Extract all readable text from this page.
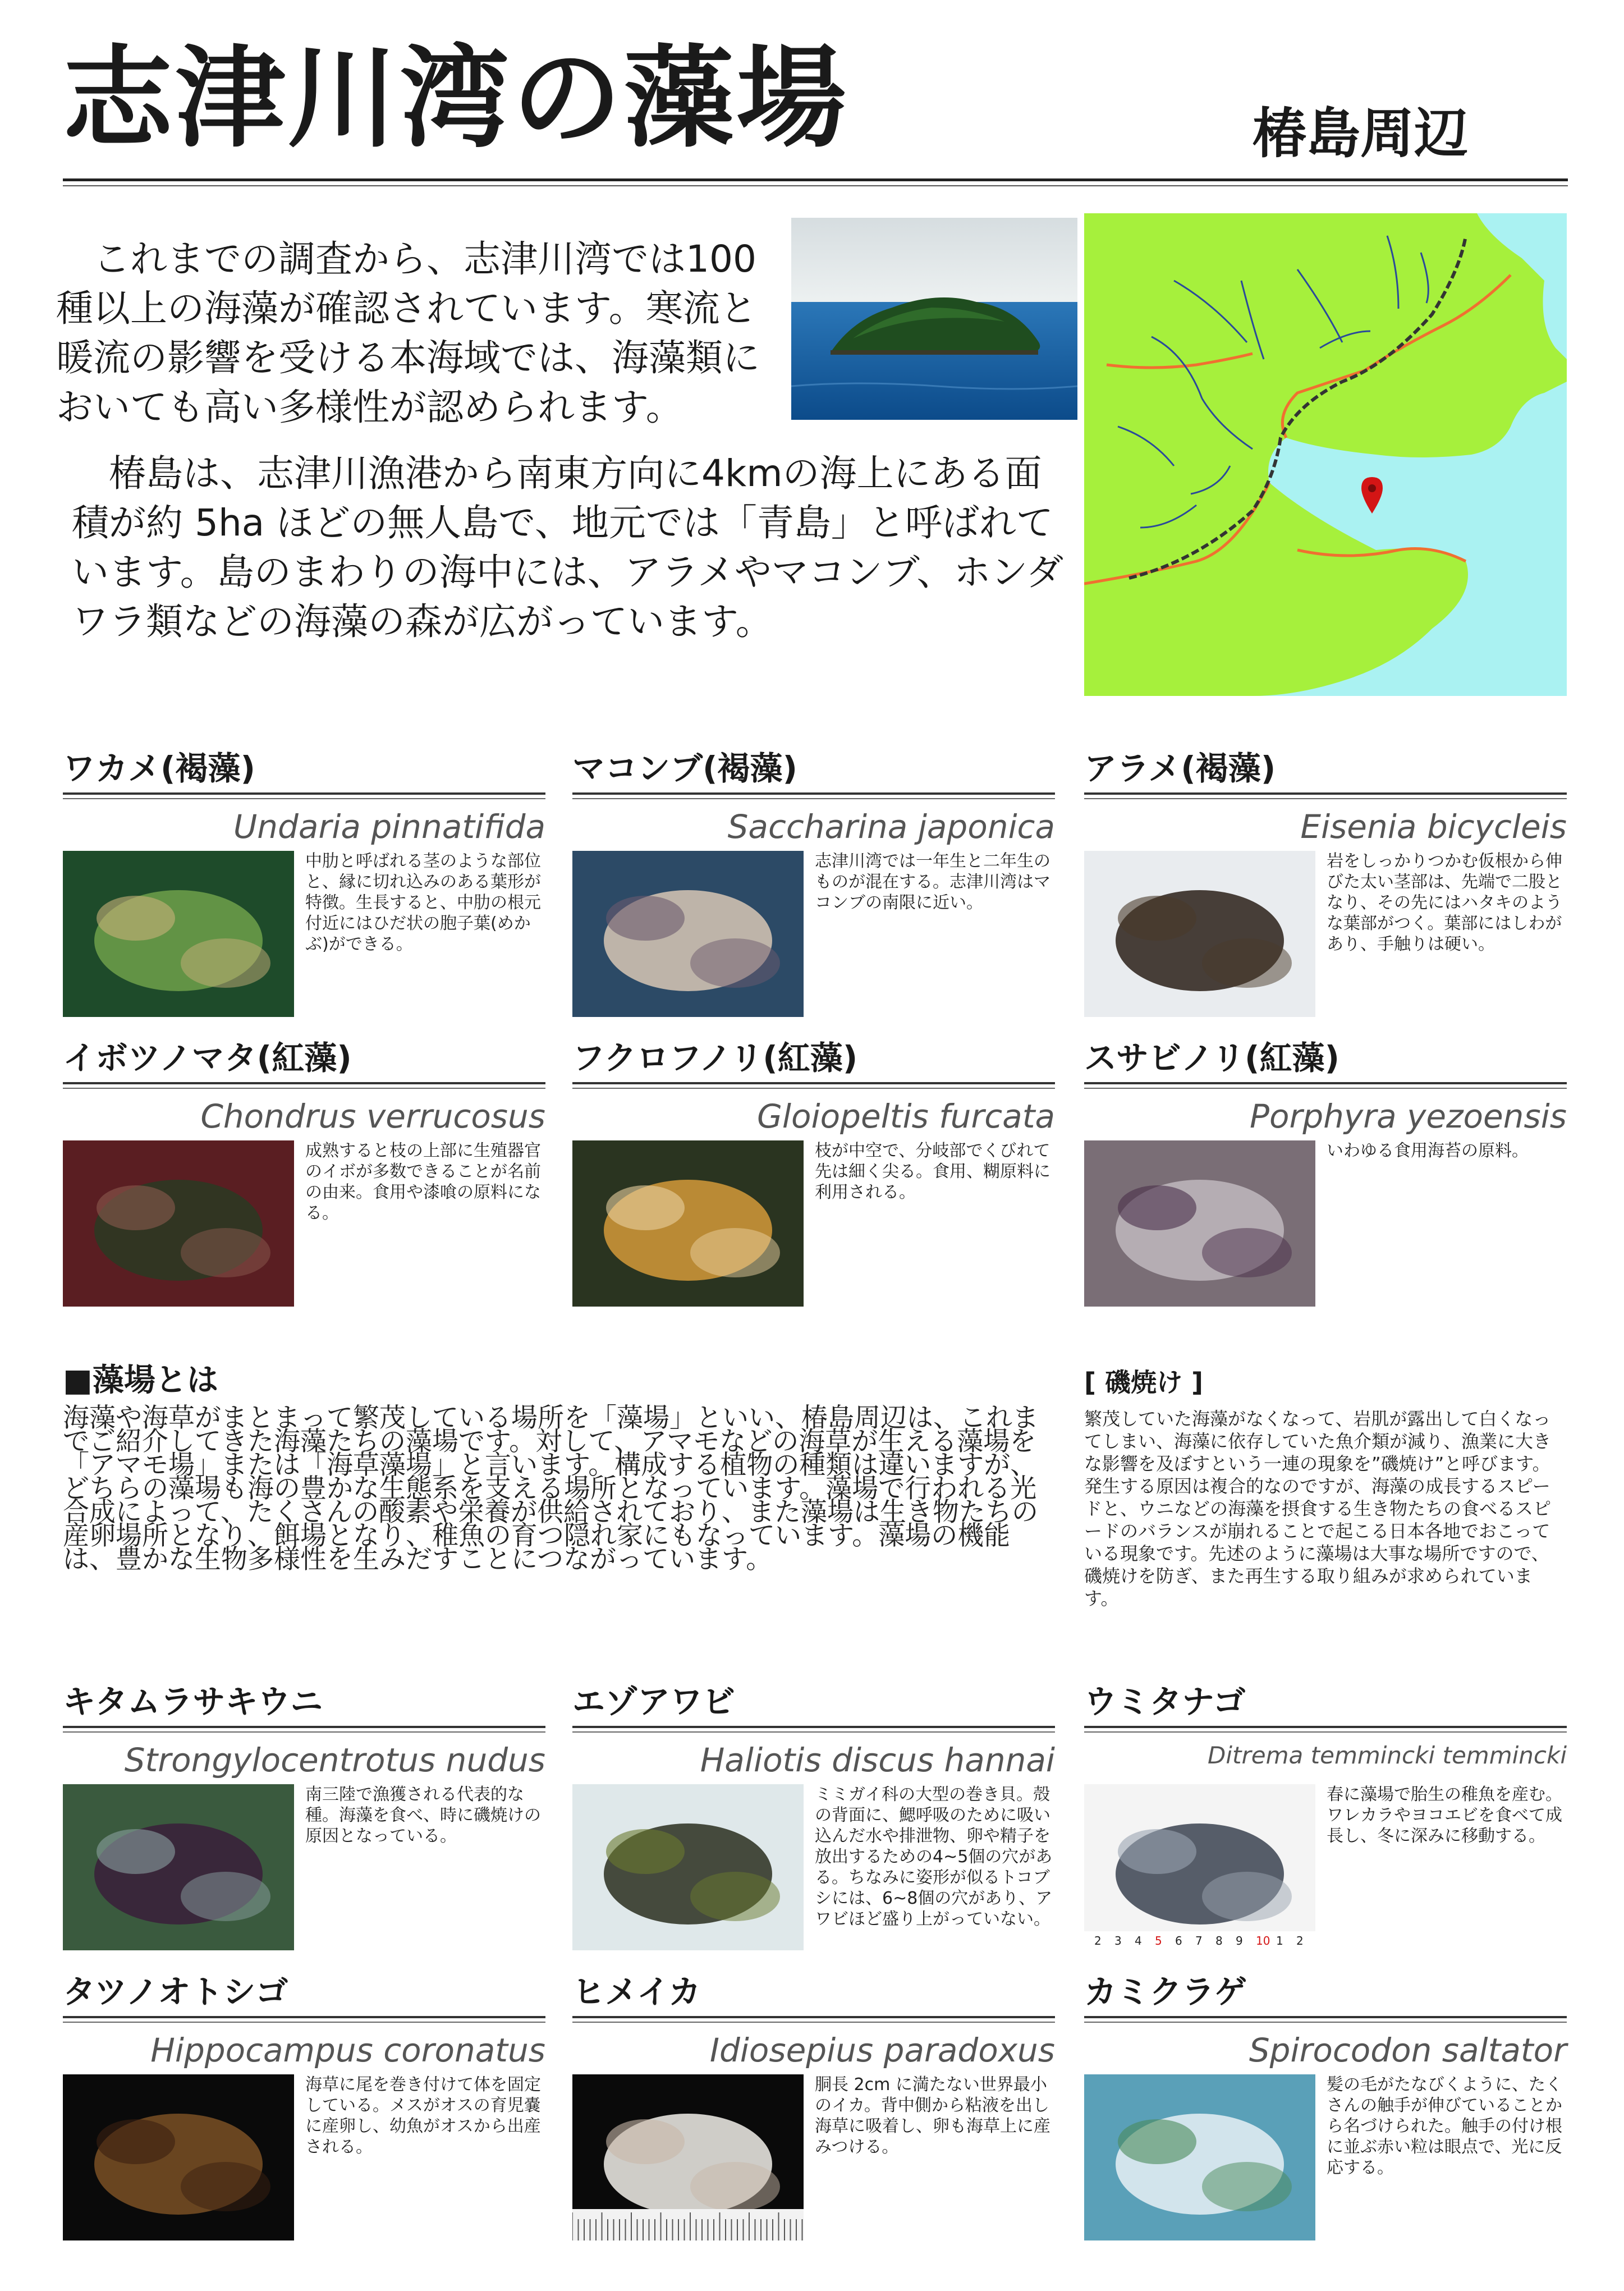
志津川湾の藻場	椿島周辺

これまでの調査から、志津川湾では100種以上の海藻が確認されています。寒流と暖流の影響を受ける本海域では、海藻類においても高い多様性が認められます。

椿島は、志津川漁港から南東方向に4kmの海上にある面積が約 5ha ほどの無人島で、地元では「青島」と呼ばれています。島のまわりの海中には、アラメやマコンブ、ホンダワラ類などの海藻の森が広がっています。

ワカメ(褐藻)
Undaria pinnatifida
中肋と呼ばれる茎のような部位と、縁に切れ込みのある葉形が特徴。生長すると、中肋の根元付近にはひだ状の胞子葉(めかぶ)ができる。
マコンブ(褐藻)
Saccharina japonica
志津川湾では一年生と二年生のものが混在する。志津川湾はマコンブの南限に近い。
アラメ(褐藻)
Eisenia bicycleis
岩をしっかりつかむ仮根から伸びた太い茎部は、先端で二股となり、その先にはハタキのような葉部がつく。葉部にはしわがあり、手触りは硬い。
イボツノマタ(紅藻)
Chondrus verrucosus
成熟すると枝の上部に生殖器官のイボが多数できることが名前の由来。食用や漆喰の原料になる。
フクロフノリ(紅藻)
Gloiopeltis furcata
枝が中空で、分岐部でくびれて先は細く尖る。食用、糊原料に利用される。
スサビノリ(紅藻)
Porphyra yezoensis
いわゆる食用海苔の原料。
キタムラサキウニ
Strongylocentrotus nudus
南三陸で漁獲される代表的な種。海藻を食べ、時に磯焼けの原因となっている。
エゾアワビ
Haliotis discus hannai
ミミガイ科の大型の巻き貝。殻の背面に、鰓呼吸のために吸い込んだ水や排泄物、卵や精子を放出するための4~5個の穴がある。ちなみに姿形が似るトコブシには、6~8個の穴があり、アワビほど盛り上がっていない。
ウミタナゴ
Ditrema temmincki temmincki
2 3 4 5 6 7 8 9 10 1 2
春に藻場で胎生の稚魚を産む。ワレカラやヨコエビを食べて成長し、冬に深みに移動する。
タツノオトシゴ
Hippocampus coronatus
海草に尾を巻き付けて体を固定している。メスがオスの育児嚢に産卵し、幼魚がオスから出産される。
ヒメイカ
Idiosepius paradoxus
胴長 2cm に満たない世界最小のイカ。背中側から粘液を出し海草に吸着し、卵も海草上に産みつける。
カミクラゲ
Spirocodon saltator
髪の毛がたなびくように、たくさんの触手が伸びていることから名づけられた。触手の付け根に並ぶ赤い粒は眼点で、光に反応する。
■藻場とは

海藻や海草がまとまって繁茂している場所を「藻場」といい、椿島周辺は、これまでご紹介してきた海藻たちの藻場です。対して、アマモなどの海草が生える藻場を「アマモ場」または「海草藻場」と言います。構成する植物の種類は違いますが、どちらの藻場も海の豊かな生態系を支える場所となっています。藻場で行われる光合成によって、たくさんの酸素や栄養が供給されており、また藻場は生き物たちの産卵場所となり、餌場となり、稚魚の育つ隠れ家にもなっています。藻場の機能は、豊かな生物多様性を生みだすことにつながっています。

[ 磯焼け ]

繁茂していた海藻がなくなって、岩肌が露出して白くなってしまい、海藻に依存していた魚介類が減り、漁業に大きな影響を及ぼすという一連の現象を”磯焼け”と呼びます。発生する原因は複合的なのですが、海藻の成長するスピードと、ウニなどの海藻を摂食する生き物たちの食べるスピードのバランスが崩れることで起こる日本各地でおこっている現象です。先述のように藻場は大事な場所ですので、磯焼けを防ぎ、また再生する取り組みが求められています。
